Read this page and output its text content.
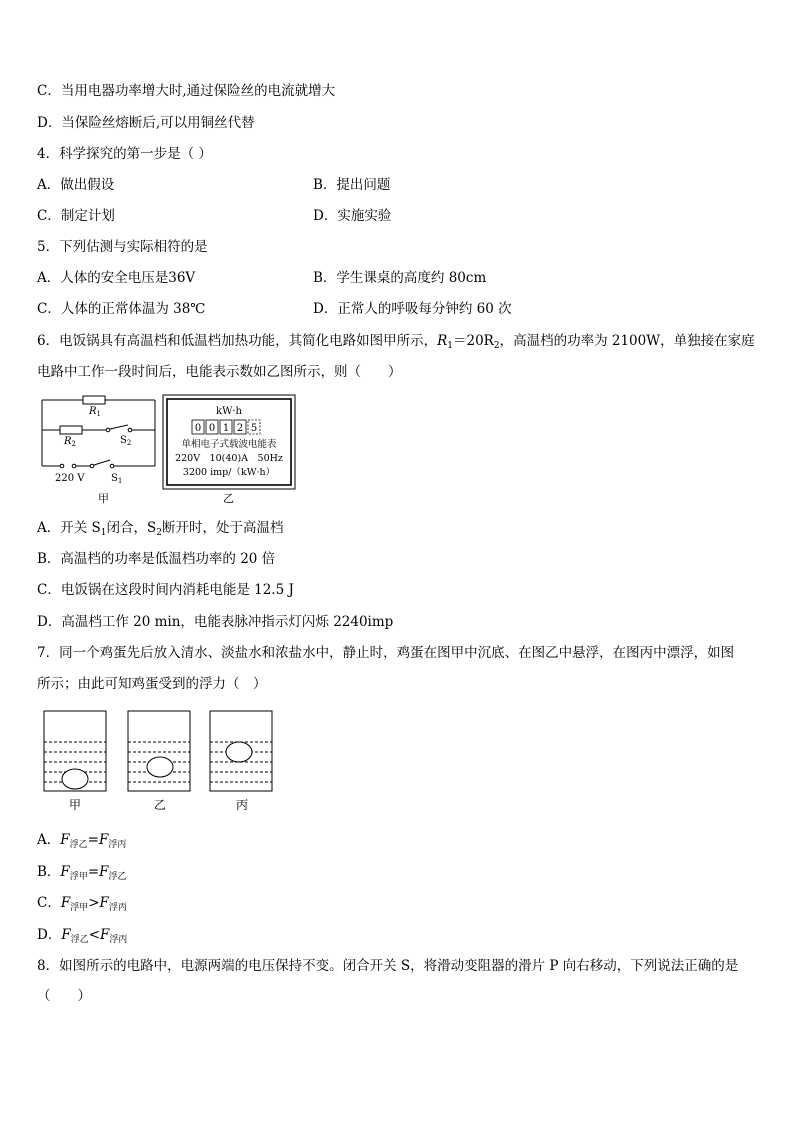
C．当用电器功率增大时,通过保险丝的电流就增大
D．当保险丝熔断后,可以用铜丝代替
4．科学探究的第一步是（ ）
A．做出假设	B．提出问题
C．制定计划	D．实施实验
5．下列估测与实际相符的是
A．人体的安全电压是36V	B．学生课桌的高度约 80cm
C．人体的正常体温为 38℃	D．正常人的呼吸每分钟约 60 次
6．电饭锅具有高温档和低温档加热功能，其简化电路如图甲所示，$R_1=20R_2$，高温档的功率为 2100W，单独接在家庭
电路中工作一段时间后，电能表示数如乙图所示，则（　　）
$R_1$
$R_2$	$S_2$
$S_1$
220 V
甲
kW·h
0 0 1 2 5
单相电子式载波电能表
220V　10(40)A　50Hz
3200 imp/（kW·h）
乙
A．开关 $S_1$闭合，$S_2$断开时，处于高温档
B．高温档的功率是低温档功率的 20 倍
C．电饭锅在这段时间内消耗电能是 12.5 J
D．高温档工作 20 min，电能表脉冲指示灯闪烁 2240imp
7．同一个鸡蛋先后放入清水、淡盐水和浓盐水中，静止时，鸡蛋在图甲中沉底、在图乙中悬浮，在图丙中漂浮，如图
所示；由此可知鸡蛋受到的浮力（　）
甲	乙	丙
A．$F_{浮乙}=F_{浮丙}$
B．$F_{浮甲}=F_{浮乙}$
C．$F_{浮甲}>F_{浮丙}$
D．$F_{浮乙}<F_{浮丙}$
8．如图所示的电路中，电源两端的电压保持不变。闭合开关 S，将滑动变阻器的滑片 P 向右移动，下列说法正确的是
（　　）
